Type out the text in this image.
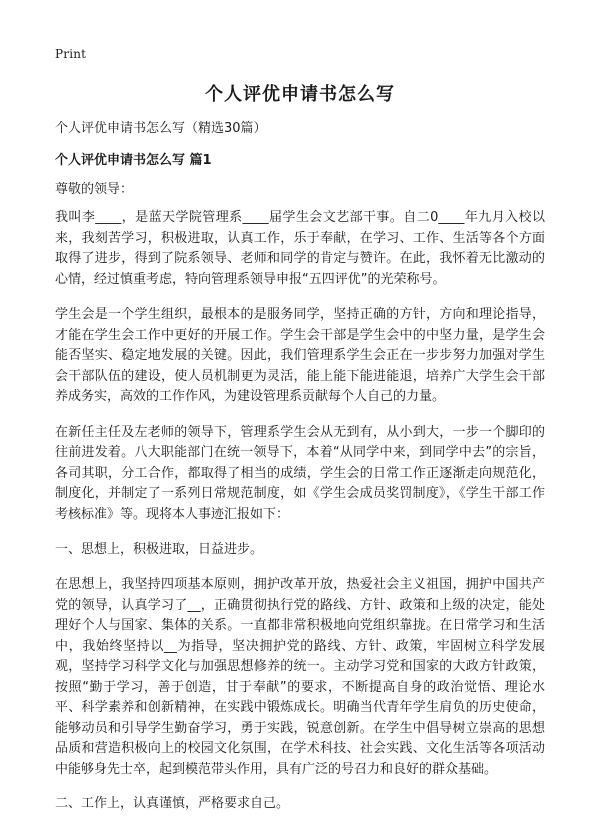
Print
个人评优申请书怎么写

个人评优申请书怎么写（精选30篇）

个人评优申请书怎么写 篇1

尊敬的领导：

我叫李____，是蓝天学院管理系____届学生会文艺部干事。自二0____年九月入校以来，我刻苦学习，积极进取，认真工作，乐于奉献，在学习、工作、生活等各个方面取得了进步，得到了院系领导、老师和同学的肯定与赞许。在此，我怀着无比激动的心情，经过慎重考虑，特向管理系领导申报“五四评优”的光荣称号。

学生会是一个学生组织，最根本的是服务同学，坚持正确的方针，方向和理论指导，才能在学生会工作中更好的开展工作。学生会干部是学生会中的中坚力量，是学生会能否坚实、稳定地发展的关键。因此，我们管理系学生会正在一步步努力加强对学生会干部队伍的建设，使人员机制更为灵活，能上能下能进能退，培养广大学生会干部养成务实，高效的工作作风，为建设管理系贡献每个人自己的力量。

在新任主任及左老师的领导下，管理系学生会从无到有，从小到大，一步一个脚印的往前进发着。八大职能部门在统一领导下，本着“从同学中来，到同学中去”的宗旨，各司其职，分工合作，都取得了相当的成绩，学生会的日常工作正逐渐走向规范化，制度化，并制定了一系列日常规范制度，如《学生会成员奖罚制度》，《学生干部工作考核标准》等。现将本人事迹汇报如下：

一、思想上，积极进取，日益进步。

在思想上，我坚持四项基本原则，拥护改革开放，热爱社会主义祖国，拥护中国共产党的领导，认真学习了__，正确贯彻执行党的路线、方针、政策和上级的决定，能处理好个人与国家、集体的关系。一直都非常积极地向党组织靠拢。在日常学习和生活中，我始终坚持以__为指导，坚决拥护党的路线、方针、政策，牢固树立科学发展观，坚持学习科学文化与加强思想修养的统一。主动学习党和国家的大政方针政策，按照“勤于学习，善于创造，甘于奉献”的要求，不断提高自身的政治觉悟、理论水平、科学素养和创新精神，在实践中锻炼成长。明确当代青年学生肩负的历史使命，能够动员和引导学生勤奋学习，勇于实践，锐意创新。在学生中倡导树立崇高的思想品质和营造积极向上的校园文化氛围，在学术科技、社会实践、文化生活等各项活动中能够身先士卒，起到模范带头作用，具有广泛的号召力和良好的群众基础。

二、工作上，认真谨慎，严格要求自己。
